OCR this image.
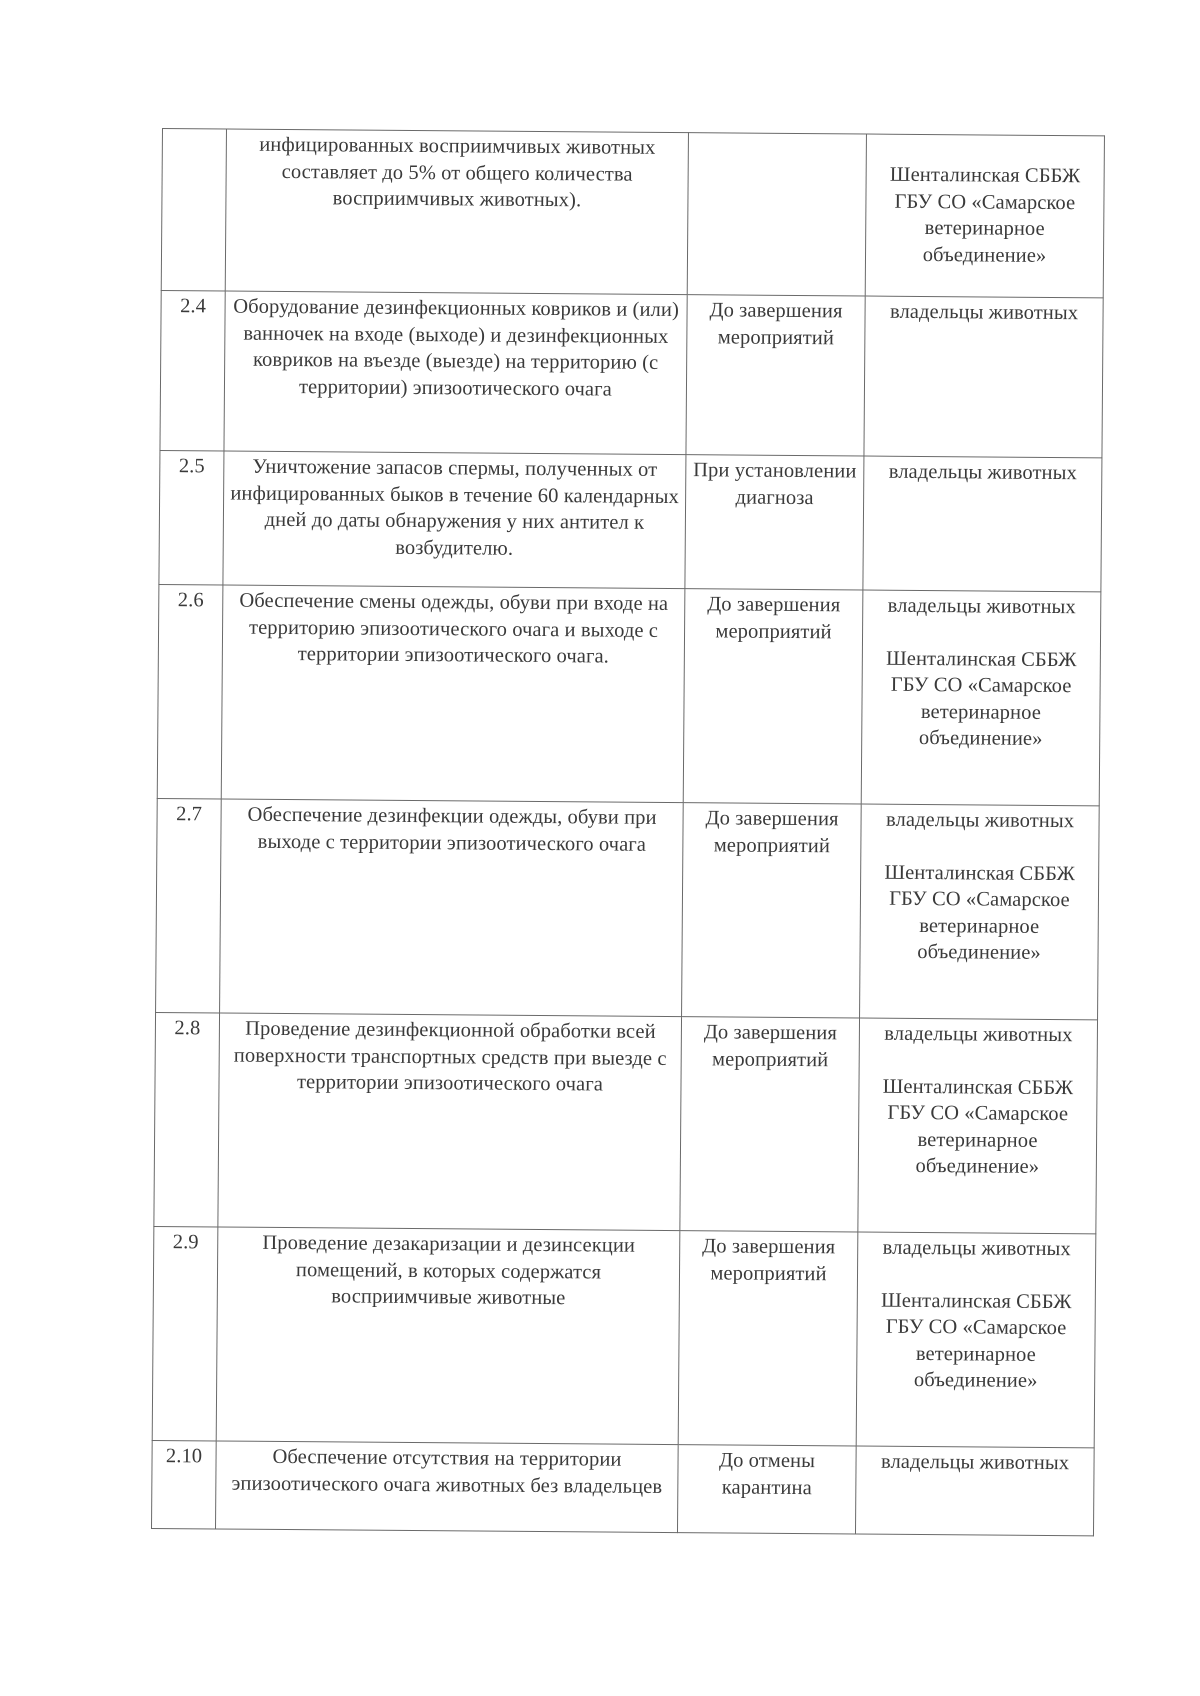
	инфицированных восприимчивых животных составляет до 5% от общего количества восприимчивых животных).		Шенталинская СББЖ ГБУ СО «Самарское ветеринарное объединение»

2.4	Оборудование дезинфекционных ковриков и (или) ванночек на входе (выходе) и дезинфекционных ковриков на въезде (выезде) на территорию (с территории) эпизоотического очага	До завершения мероприятий	владельцы животных

2.5	Уничтожение запасов спермы, полученных от инфицированных быков в течение 60 календарных дней до даты обнаружения у них антител к возбудителю.	При установлении диагноза	владельцы животных

2.6	Обеспечение смены одежды, обуви при входе на территорию эпизоотического очага и выходе с территории эпизоотического очага.	До завершения мероприятий	владельцы животных
Шенталинская СББЖ ГБУ СО «Самарское ветеринарное объединение»

2.7	Обеспечение дезинфекции одежды, обуви при выходе с территории эпизоотического очага	До завершения мероприятий	владельцы животных
Шенталинская СББЖ ГБУ СО «Самарское ветеринарное объединение»

2.8	Проведение дезинфекционной обработки всей поверхности транспортных средств при выезде с территории эпизоотического очага	До завершения мероприятий	владельцы животных
Шенталинская СББЖ ГБУ СО «Самарское ветеринарное объединение»

2.9	Проведение дезакаризации и дезинсекции помещений, в которых содержатся восприимчивые животные	До завершения мероприятий	владельцы животных
Шенталинская СББЖ ГБУ СО «Самарское ветеринарное объединение»

2.10	Обеспечение отсутствия на территории эпизоотического очага животных без владельцев	До отмены карантина	владельцы животных
